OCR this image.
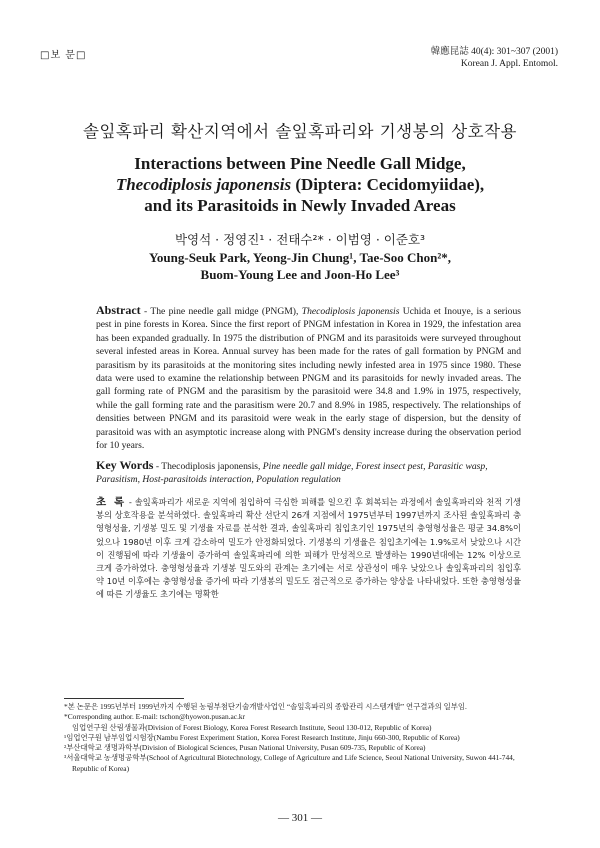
□보 문□	韓應昆誌 40(4): 301~307 (2001)
Korean J. Appl. Entomol.
솔잎혹파리 확산지역에서 솔잎혹파리와 기생봉의 상호작용
Interactions between Pine Needle Gall Midge,
Thecodiplosis japonensis (Diptera: Cecidomyiidae),
and its Parasitoids in Newly Invaded Areas
박영석 · 정영진¹ · 전태수²* · 이범영 · 이준호³
Young-Seuk Park, Yeong-Jin Chung¹, Tae-Soo Chon²*,
Buom-Young Lee and Joon-Ho Lee³
Abstract - The pine needle gall midge (PNGM), Thecodiplosis japonensis Uchida et Inouye, is a serious pest in pine forests in Korea. Since the first report of PNGM infestation in Korea in 1929, the infestation area has been expanded gradually. In 1975 the distribution of PNGM and its parasitoids were surveyed throughout several infested areas in Korea. Annual survey has been made for the rates of gall formation by PNGM and parasitism by its parasitoids at the monitoring sites including newly infested area in 1975 since 1980. These data were used to examine the relationship between PNGM and its parasitoids for newly invaded areas. The gall forming rate of PNGM and the parasitism by the parasitoid were 34.8 and 1.9% in 1975, respectively, while the gall forming rate and the parasitism were 20.7 and 8.9% in 1985, respectively. The relationships of densities between PNGM and its parasitoid were weak in the early stage of dispersion, but the density of parasitoid was with an asymptotic increase along with PNGM's density increase during the observation period for 10 years.
Key Words - Thecodiplosis japonensis, Pine needle gall midge, Forest insect pest, Parasitic wasp, Parasitism, Host-parasitoids interaction, Population regulation
초 록 - 솔잎혹파리가 새로운 지역에 침입하여 극심한 피해를 일으킨 후 회복되는 과정에서 솔잎혹파리와 천적 기생봉의 상호작용을 분석하였다. 솔잎혹파리 확산 선단지 26개 지점에서 1975년부터 1997년까지 조사된 솔잎혹파리 충영형성율, 기생봉 밀도 및 기생율 자료를 분석한 결과, 솔잎혹파리 침입초기인 1975년의 충영형성율은 평균 34.8%이었으나 1980년 이후 크게 감소하여 밀도가 안정화되었다. 기생봉의 기생율은 침입초기에는 1.9%로서 낮았으나 시간이 진행됨에 따라 기생율이 증가하여 솔잎혹파리에 의한 피해가 만성적으로 발생하는 1990년대에는 12% 이상으로 크게 증가하였다. 충영형성율과 기생봉 밀도와의 관계는 초기에는 서로 상관성이 매우 낮았으나 솔잎혹파리의 침입후 약 10년 이후에는 충영형성율 증가에 따라 기생봉의 밀도도 점근적으로 증가하는 양상을 나타내었다. 또한 충영형성율에 따른 기생율도 초기에는 명확한

*본 논문은 1995년부터 1999년까지 수행된 농림부첨단기술개발사업인 “솔잎혹파리의 종합관리 시스템개발” 연구결과의 일부임.

*Corresponding author. E-mail: tschon@hyowon.pusan.ac.kr

임업연구원 산림생물과(Division of Forest Biology, Korea Forest Research Institute, Seoul 130-012, Republic of Korea)

¹임업연구원 남부임업시험장(Nambu Forest Experiment Station, Korea Forest Research Institute, Jinju 660-300, Republic of Korea)

²부산대학교 생명과학부(Division of Biological Sciences, Pusan National University, Pusan 609-735, Republic of Korea)

³서울대학교 농생명공학부(School of Agricultural Biotechnology, College of Agriculture and Life Science, Seoul National University, Suwon 441-744,

Republic of Korea)

— 301 —
